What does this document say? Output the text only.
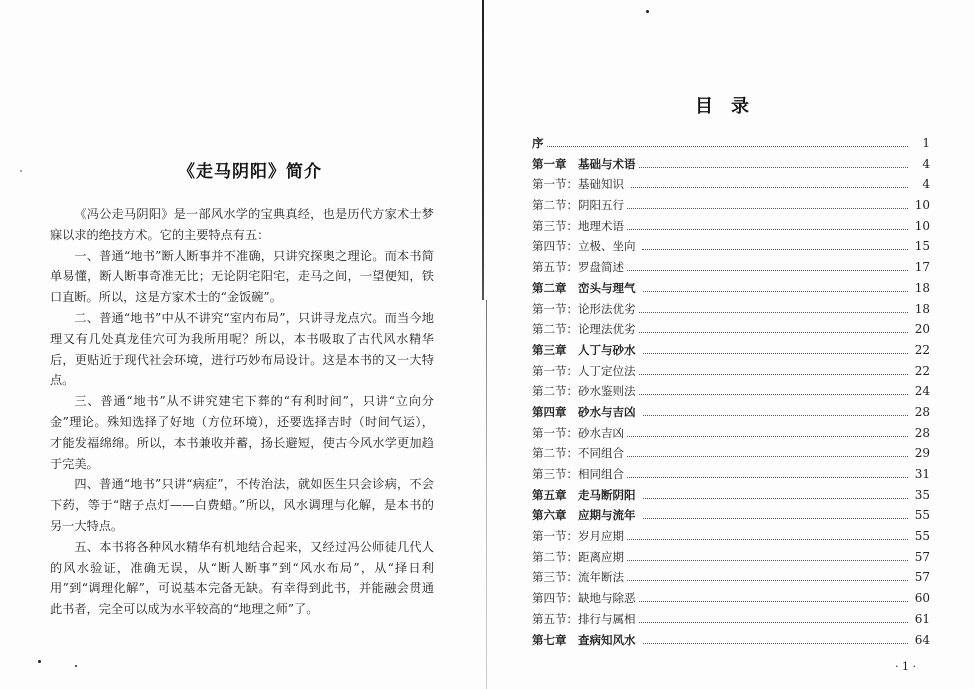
《走马阴阳》简介

《冯公走马阴阳》是一部风水学的宝典真经，也是历代方家术士梦寐以求的绝技方术。它的主要特点有五：

一、普通“地书”断人断事并不准确，只讲究探奥之理论。而本书简单易懂，断人断事奇准无比；无论阴宅阳宅，走马之间，一望便知，铁口直断。所以，这是方家术士的“金饭碗”。

二、普通“地书”中从不讲究“室内布局”，只讲寻龙点穴。而当今地理又有几处真龙佳穴可为我所用呢？所以，本书吸取了古代风水精华后，更贴近于现代社会环境，进行巧妙布局设计。这是本书的又一大特点。

三、普通“地书”从不讲究建宅下葬的“有利时间”，只讲“立向分金”理论。殊知选择了好地（方位环境），还要选择吉时（时间气运），才能发福绵绵。所以，本书兼收并蓄，扬长避短，使古今风水学更加趋于完美。

四、普通“地书”只讲“病症”，不传治法，就如医生只会诊病，不会下药，等于“瞎子点灯——白费蜡。”所以，风水调理与化解，是本书的另一大特点。

五、本书将各种风水精华有机地结合起来，又经过冯公师徒几代人的风水验证，准确无误，从“断人断事”到“风水布局”，从“择日利用”到“调理化解”，可说基本完备无缺。有幸得到此书，并能融会贯通此书者，完全可以成为水平较高的“地理之师”了。

目录
序	1
第一章　基础与术语	4
第一节：基础知识	4
第二节：阴阳五行	10
第三节：地理术语	10
第四节：立极、坐向	15
第五节：罗盘简述	17
第二章　峦头与理气	18
第一节：论形法优劣	18
第二节：论理法优劣	20
第三章　人丁与砂水	22
第一节：人丁定位法	22
第二节：砂水鉴则法	24
第四章　砂水与吉凶	28
第一节：砂水吉凶	28
第二节：不同组合	29
第三节：相同组合	31
第五章　走马断阴阳	35
第六章　应期与流年	55
第一节：岁月应期	55
第二节：距离应期	57
第三节：流年断法	57
第四节：缺地与除恶	60
第五节：排行与属相	61
第七章　查病知风水	64
· 1 ·
